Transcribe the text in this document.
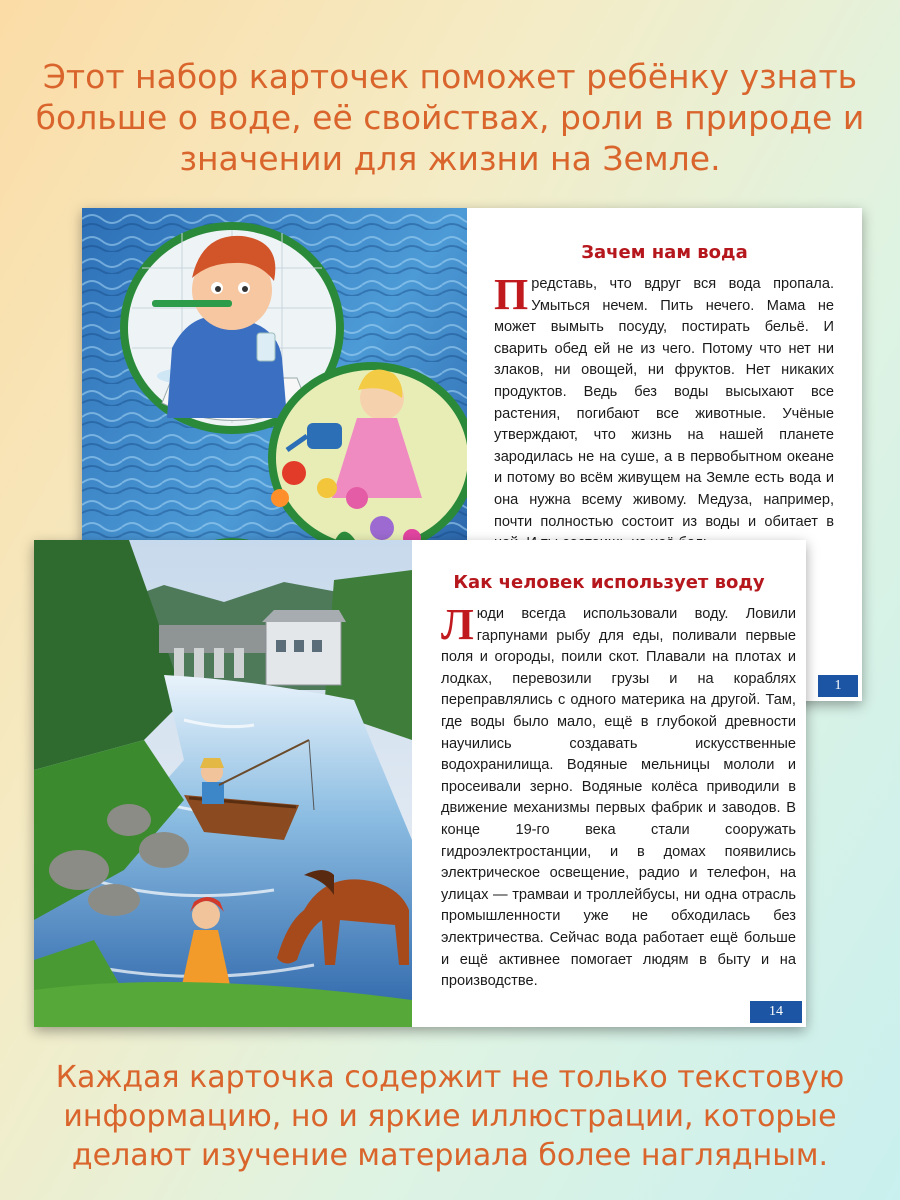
Этот набор карточек поможет ребёнку узнать больше о воде, её свойствах, роли в природе и значении для жизни на Земле.
Зачем нам вода

Представь, что вдруг вся вода пропала. Умыться нечем. Пить нечего. Мама не может вымыть посуду, постирать бельё. И сварить обед ей не из чего. Потому что нет ни злаков, ни овощей, ни фруктов. Нет никаких продуктов. Ведь без воды высыхают все растения, погибают все животные. Учёные утверждают, что жизнь на нашей планете зародилась не на суше, а в первобытном океане и потому во всём живущем на Земле есть вода и она нужна всему живому. Медуза, например, почти полностью состоит из воды и обитает в

1
Как человек использует воду

Люди всегда использовали воду. Ловили гарпунами рыбу для еды, поливали первые поля и огороды, поили скот. Плавали на плотах и лодках, перевозили грузы и на кораблях переправлялись с одного материка на другой. Там, где воды было мало, ещё в глубокой древности научились создавать искусственные водохранилища. Водяные мельницы мололи и просеивали зерно. Водяные колёса приводили в движение механизмы первых фабрик и заводов. В конце 19-го века стали сооружать гидроэлектростанции, и в домах появились электрическое освещение, радио и телефон, на улицах — трамваи и троллейбусы, ни одна отрасль промышленности уже не обходилась без электричества. Сейчас вода работает ещё больше и ещё активнее помогает людям в быту и на производстве.

14
Каждая карточка содержит не только текстовую информацию, но и яркие иллюстрации, которые делают изучение материала более наглядным.
